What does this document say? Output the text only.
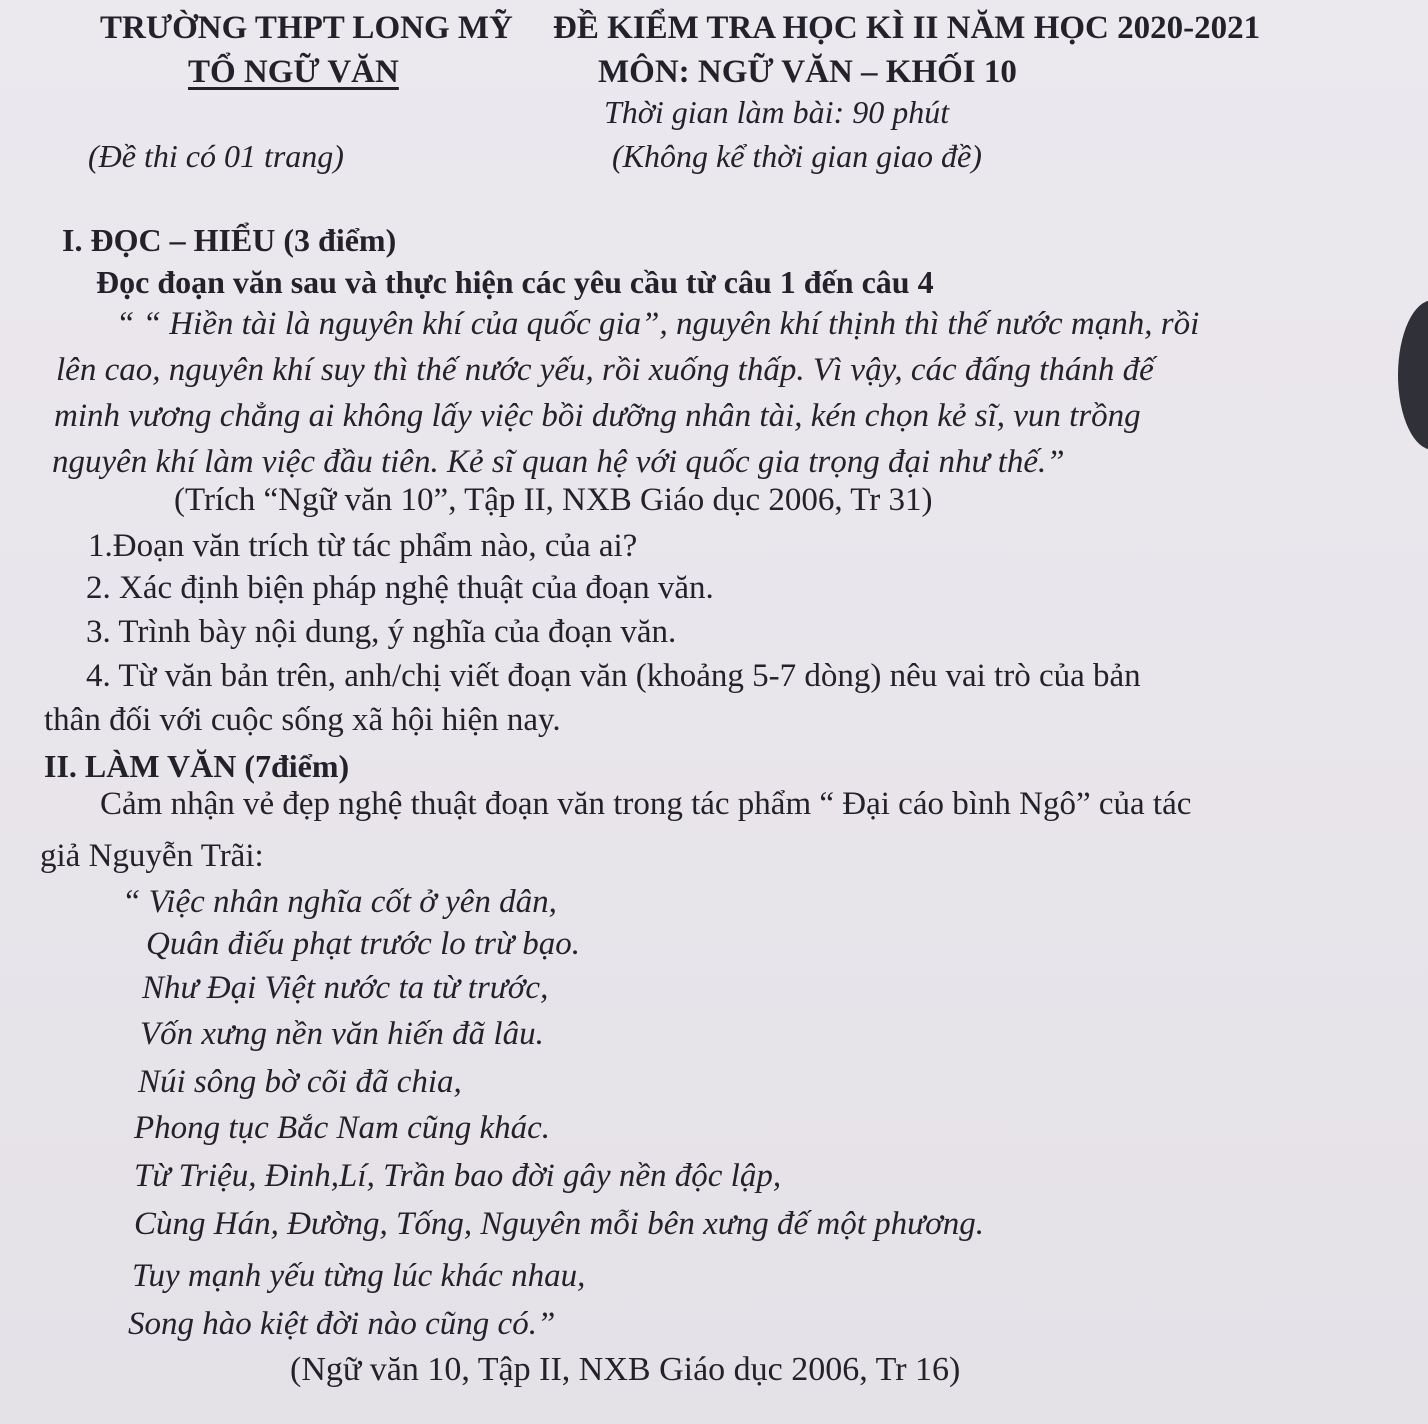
TRƯỜNG THPT LONG MỸ ĐỀ KIỂM TRA HỌC KÌ II NĂM HỌC 2020-2021
TỔ NGỮ VĂN	MÔN: NGỮ VĂN – KHỐI 10
Thời gian làm bài: 90 phút
(Đề thi có 01 trang)	(Không kể thời gian giao đề)
I. ĐỌC – HIỂU (3 điểm)
Đọc đoạn văn sau và thực hiện các yêu cầu từ câu 1 đến câu 4
“ “ Hiền tài là nguyên khí của quốc gia”, nguyên khí thịnh thì thế nước mạnh, rồi
lên cao, nguyên khí suy thì thế nước yếu, rồi xuống thấp. Vì vậy, các đấng thánh đế
minh vương chẳng ai không lấy việc bồi dưỡng nhân tài, kén chọn kẻ sĩ, vun trồng
nguyên khí làm việc đầu tiên. Kẻ sĩ quan hệ với quốc gia trọng đại như thế.”
(Trích “Ngữ văn 10”, Tập II, NXB Giáo dục 2006, Tr 31)
1.Đoạn văn trích từ tác phẩm nào, của ai?
2. Xác định biện pháp nghệ thuật của đoạn văn.
3. Trình bày nội dung, ý nghĩa của đoạn văn.
4. Từ văn bản trên, anh/chị viết đoạn văn (khoảng 5-7 dòng) nêu vai trò của bản
thân đối với cuộc sống xã hội hiện nay.
II. LÀM VĂN (7điểm)
Cảm nhận vẻ đẹp nghệ thuật đoạn văn trong tác phẩm “ Đại cáo bình Ngô” của tác
giả Nguyễn Trãi:
“ Việc nhân nghĩa cốt ở yên dân,
Quân điếu phạt trước lo trừ bạo.
Như Đại Việt nước ta từ trước,
Vốn xưng nền văn hiến đã lâu.
Núi sông bờ cõi đã chia,
Phong tục Bắc Nam cũng khác.
Từ Triệu, Đinh,Lí, Trần bao đời gây nền độc lập,
Cùng Hán, Đường, Tống, Nguyên mỗi bên xưng đế một phương.
Tuy mạnh yếu từng lúc khác nhau,
Song hào kiệt đời nào cũng có.”
(Ngữ văn 10, Tập II, NXB Giáo dục 2006, Tr 16)
